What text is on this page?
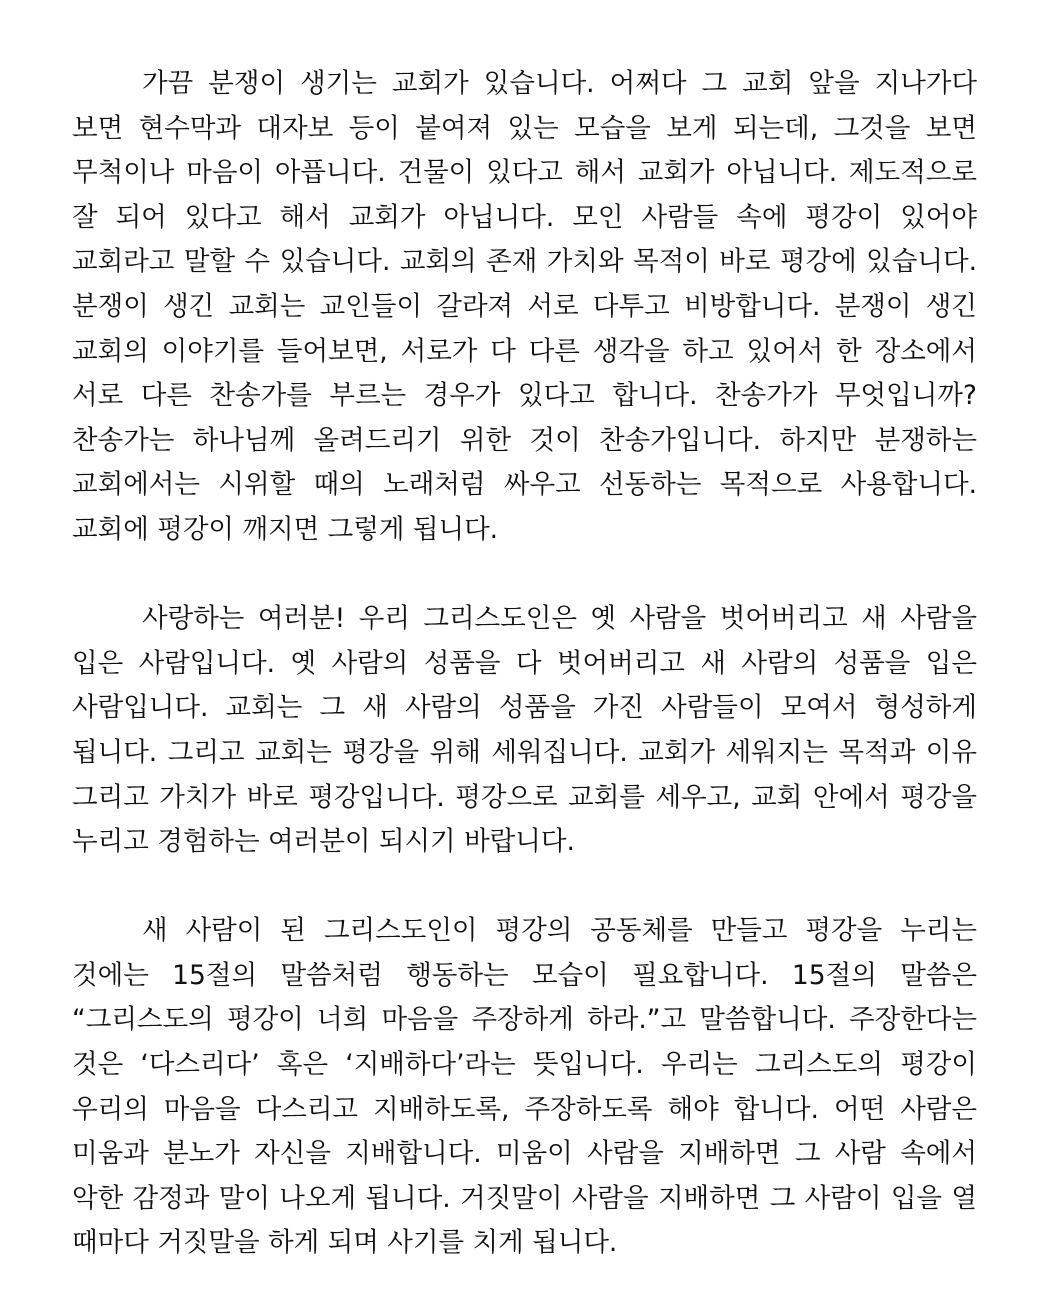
가끔 분쟁이 생기는 교회가 있습니다. 어쩌다 그 교회 앞을 지나가다 보면 현수막과 대자보 등이 붙여져 있는 모습을 보게 되는데, 그것을 보면 무척이나 마음이 아픕니다. 건물이 있다고 해서 교회가 아닙니다. 제도적으로 잘 되어 있다고 해서 교회가 아닙니다. 모인 사람들 속에 평강이 있어야 교회라고 말할 수 있습니다. 교회의 존재 가치와 목적이 바로 평강에 있습니다. 분쟁이 생긴 교회는 교인들이 갈라져 서로 다투고 비방합니다. 분쟁이 생긴 교회의 이야기를 들어보면, 서로가 다 다른 생각을 하고 있어서 한 장소에서 서로 다른 찬송가를 부르는 경우가 있다고 합니다. 찬송가가 무엇입니까? 찬송가는 하나님께 올려드리기 위한 것이 찬송가입니다. 하지만 분쟁하는 교회에서는 시위할 때의 노래처럼 싸우고 선동하는 목적으로 사용합니다. 교회에 평강이 깨지면 그렇게 됩니다.

사랑하는 여러분! 우리 그리스도인은 옛 사람을 벗어버리고 새 사람을 입은 사람입니다. 옛 사람의 성품을 다 벗어버리고 새 사람의 성품을 입은 사람입니다. 교회는 그 새 사람의 성품을 가진 사람들이 모여서 형성하게 됩니다. 그리고 교회는 평강을 위해 세워집니다. 교회가 세워지는 목적과 이유 그리고 가치가 바로 평강입니다. 평강으로 교회를 세우고, 교회 안에서 평강을 누리고 경험하는 여러분이 되시기 바랍니다.

새 사람이 된 그리스도인이 평강의 공동체를 만들고 평강을 누리는 것에는 15절의 말씀처럼 행동하는 모습이 필요합니다. 15절의 말씀은 “그리스도의 평강이 너희 마음을 주장하게 하라.”고 말씀합니다. 주장한다는 것은 ‘다스리다’ 혹은 ‘지배하다’라는 뜻입니다. 우리는 그리스도의 평강이 우리의 마음을 다스리고 지배하도록, 주장하도록 해야 합니다. 어떤 사람은 미움과 분노가 자신을 지배합니다. 미움이 사람을 지배하면 그 사람 속에서 악한 감정과 말이 나오게 됩니다. 거짓말이 사람을 지배하면 그 사람이 입을 열 때마다 거짓말을 하게 되며 사기를 치게 됩니다.
